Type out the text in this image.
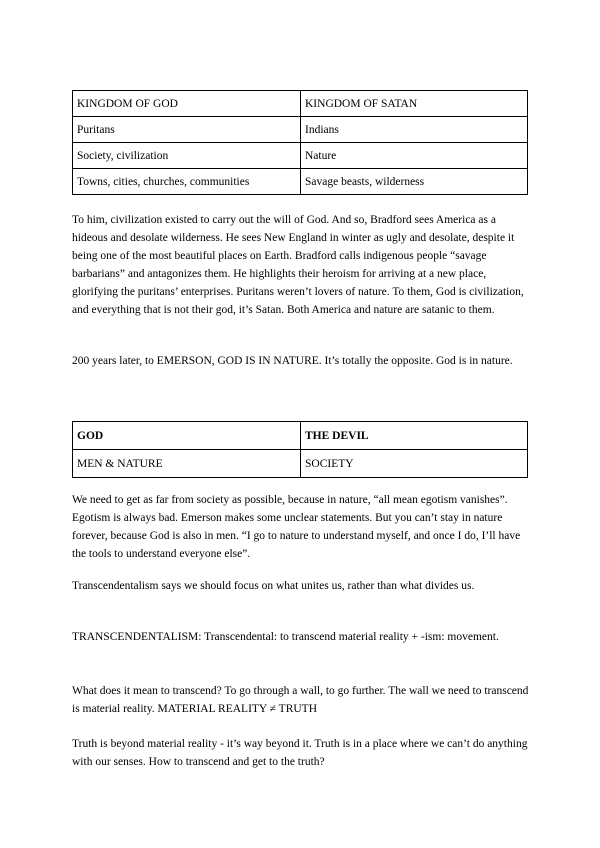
KINGDOM OF GOD	KINGDOM OF SATAN
Puritans	Indians
Society, civilization	Nature
Towns, cities, churches, communities	Savage beasts, wilderness

To him, civilization existed to carry out the will of God. And so, Bradford sees America as a hideous and desolate wilderness. He sees New England in winter as ugly and desolate, despite it being one of the most beautiful places on Earth. Bradford calls indigenous people “savage barbarians” and antagonizes them. He highlights their heroism for arriving at a new place, glorifying the puritans’ enterprises. Puritans weren’t lovers of nature. To them, God is civilization, and everything that is not their god, it’s Satan. Both America and nature are satanic to them.

200 years later, to EMERSON, GOD IS IN NATURE. It’s totally the opposite. God is in nature.

GOD	THE DEVIL
MEN & NATURE	SOCIETY

We need to get as far from society as possible, because in nature, “all mean egotism vanishes”. Egotism is always bad. Emerson makes some unclear statements. But you can’t stay in nature forever, because God is also in men. “I go to nature to understand myself, and once I do, I’ll have the tools to understand everyone else”.

Transcendentalism says we should focus on what unites us, rather than what divides us.

TRANSCENDENTALISM: Transcendental: to transcend material reality + -ism: movement.

What does it mean to transcend? To go through a wall, to go further. The wall we need to transcend is material reality. MATERIAL REALITY ≠ TRUTH

Truth is beyond material reality - it’s way beyond it. Truth is in a place where we can’t do anything with our senses. How to transcend and get to the truth?
